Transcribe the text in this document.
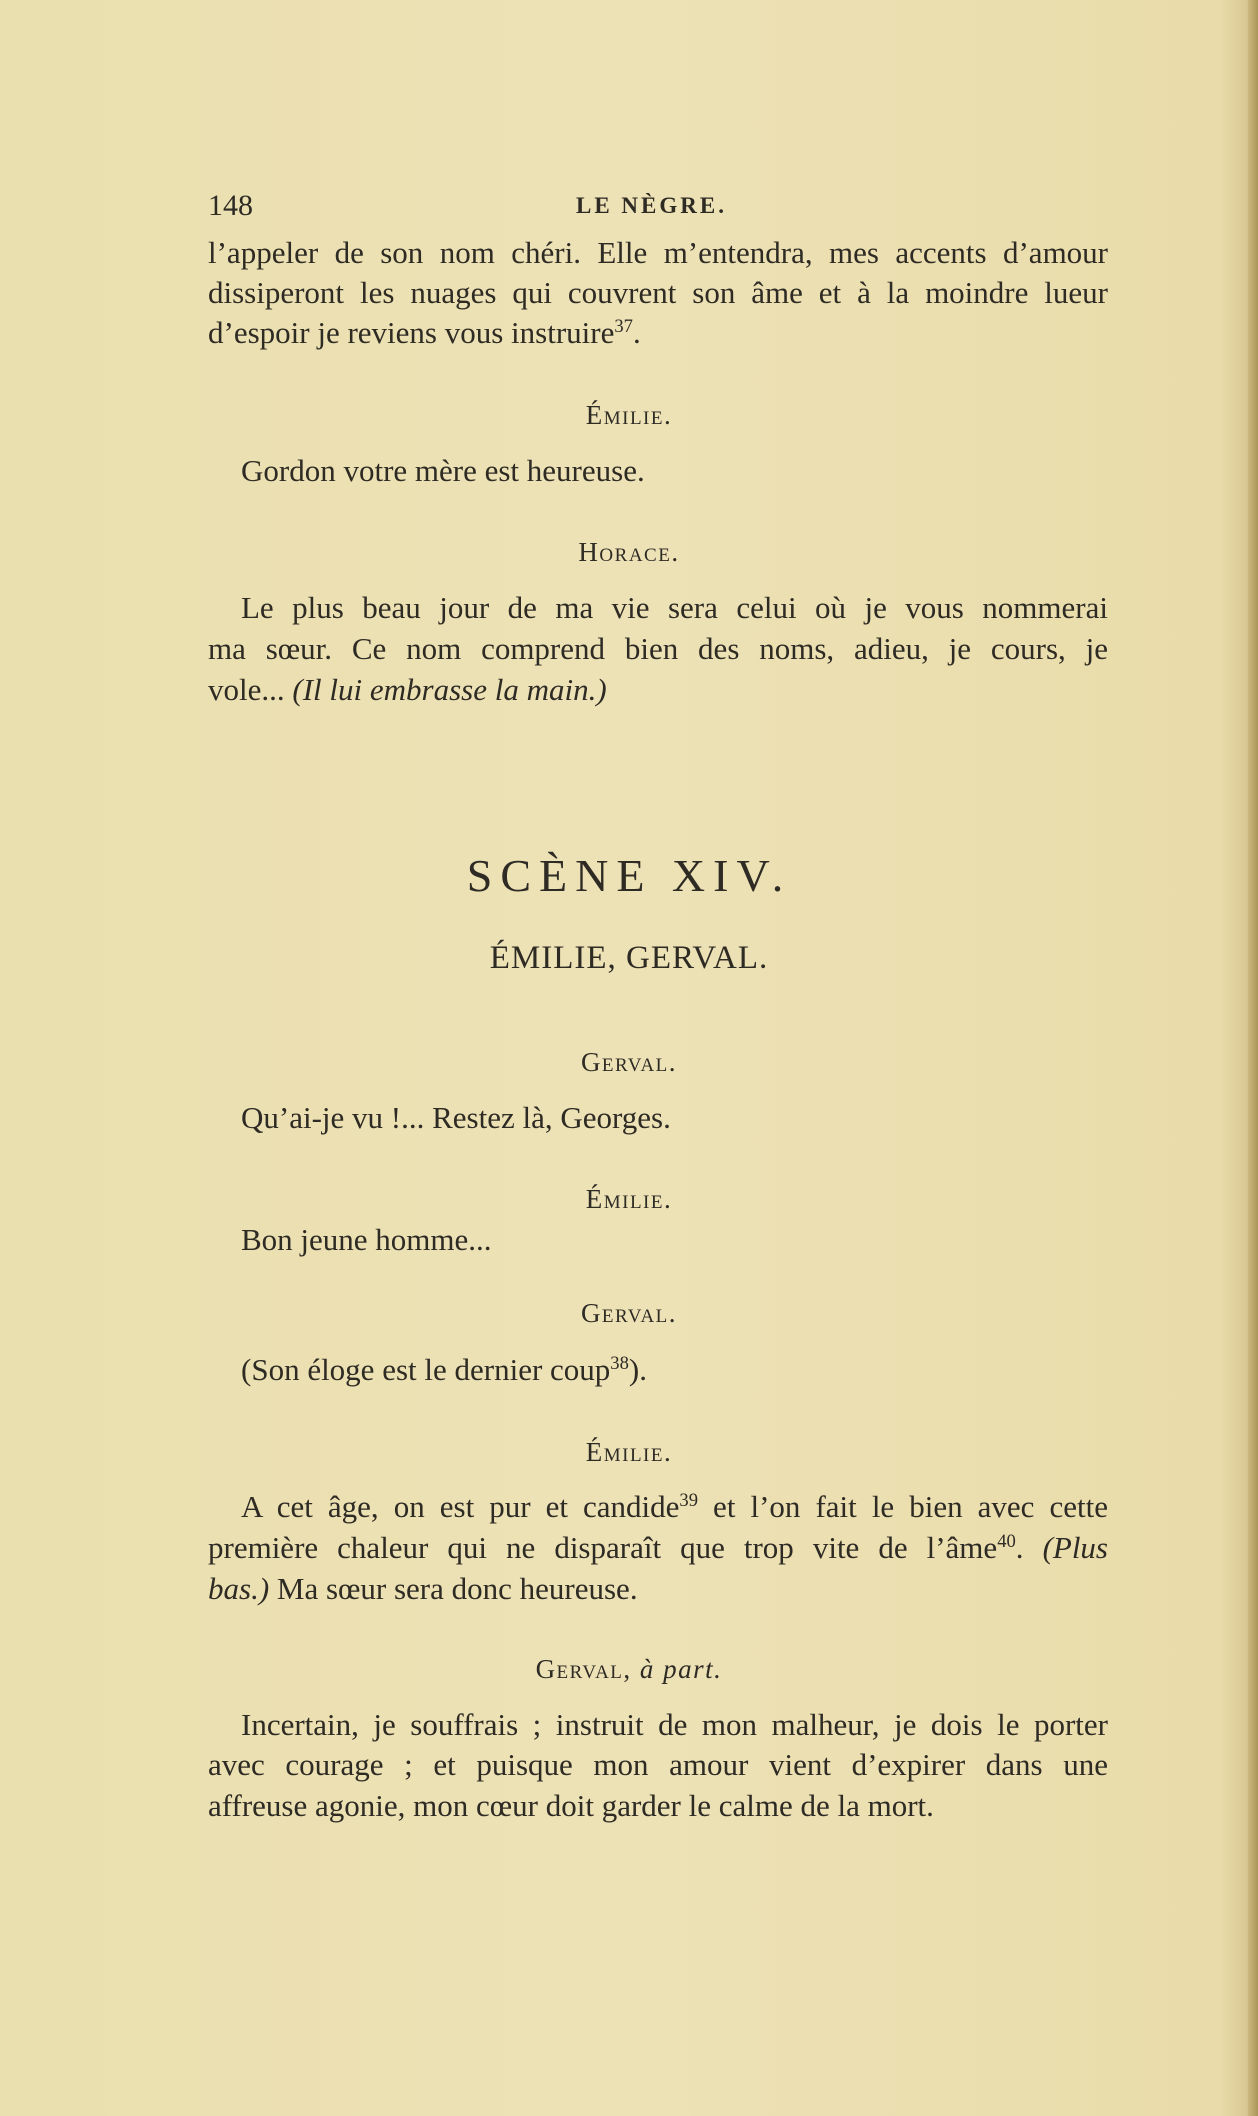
148	LE NÈGRE.
l’appeler de son nom chéri. Elle m’entendra, mes accents d’amour
dissiperont les nuages qui couvrent son âme et à la moindre lueur
d’espoir je reviens vous instruire$^{37}$.
Émilie.
Gordon votre mère est heureuse.
Horace.
Le plus beau jour de ma vie sera celui où je vous nommerai
ma sœur. Ce nom comprend bien des noms, adieu, je cours, je
vole... (Il lui embrasse la main.)
SCÈNE XIV.
ÉMILIE, GERVAL.
Gerval.
Qu’ai-je vu !... Restez là, Georges.
Émilie.
Bon jeune homme...
Gerval.
(Son éloge est le dernier coup$^{38}$).
Émilie.
A cet âge, on est pur et candide$^{39}$ et l’on fait le bien avec cette
première chaleur qui ne disparaît que trop vite de l’âme$^{40}$. (Plus
bas.) Ma sœur sera donc heureuse.
Gerval, à part.
Incertain, je souffrais ; instruit de mon malheur, je dois le porter
avec courage ; et puisque mon amour vient d’expirer dans une
affreuse agonie, mon cœur doit garder le calme de la mort.
